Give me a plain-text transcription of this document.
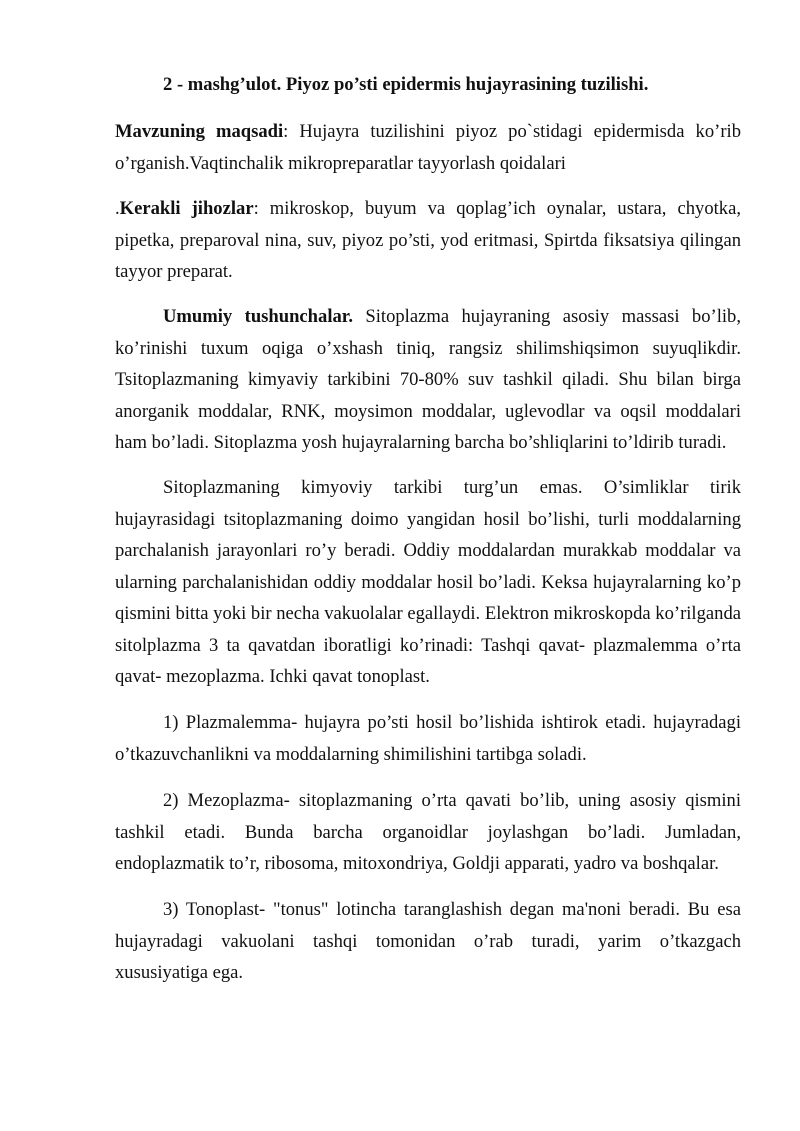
2 - mashg’ulot. Piyoz po’sti epidermis hujayrasining tuzilishi.

Mavzuning maqsadi: Hujayra tuzilishini piyoz po`stidagi epidermisda ko’rib o’rganish.Vaqtinchalik mikropreparatlar tayyorlash qoidalari

.Kerakli jihozlar: mikroskop, buyum va qoplag’ich oynalar, ustara, chyotka, pipetka, preparoval nina, suv, piyoz po’sti, yod eritmasi, Spirtda fiksatsiya qilingan tayyor preparat.

Umumiy tushunchalar. Sitoplazma hujayraning asosiy massasi bo’lib, ko’rinishi tuxum oqiga o’xshash tiniq, rangsiz shilimshiqsimon suyuqlikdir. Tsitoplazmaning kimyaviy tarkibini 70-80% suv tashkil qiladi. Shu bilan birga anorganik moddalar, RNK, moysimon moddalar, uglevodlar va oqsil moddalari ham bo’ladi. Sitoplazma yosh hujayralarning barcha bo’shliqlarini to’ldirib turadi.

Sitoplazmaning kimyoviy tarkibi turg’un emas. O’simliklar tirik hujayrasidagi tsitoplazmaning doimo yangidan hosil bo’lishi, turli moddalarning parchalanish jarayonlari ro’y beradi. Oddiy moddalardan murakkab moddalar va ularning parchalanishidan oddiy moddalar hosil bo’ladi. Keksa hujayralarning ko’p qismini bitta yoki bir necha vakuolalar egallaydi. Elektron mikroskopda ko’rilganda sitolplazma 3 ta qavatdan iboratligi ko’rinadi: Tashqi qavat- plazmalemma o’rta qavat- mezoplazma. Ichki qavat tonoplast.

1) Plazmalemma- hujayra po’sti hosil bo’lishida ishtirok etadi. hujayradagi o’tkazuvchanlikni va moddalarning shimilishini tartibga soladi.

2) Mezoplazma- sitoplazmaning o’rta qavati bo’lib, uning asosiy qismini tashkil etadi. Bunda barcha organoidlar joylashgan bo’ladi. Jumladan, endoplazmatik to’r, ribosoma, mitoxondriya, Goldji apparati, yadro va boshqalar.

3) Tonoplast- "tonus" lotincha taranglashish degan ma'noni beradi. Bu esa hujayradagi vakuolani tashqi tomonidan o’rab turadi, yarim o’tkazgach xususiyatiga ega.
